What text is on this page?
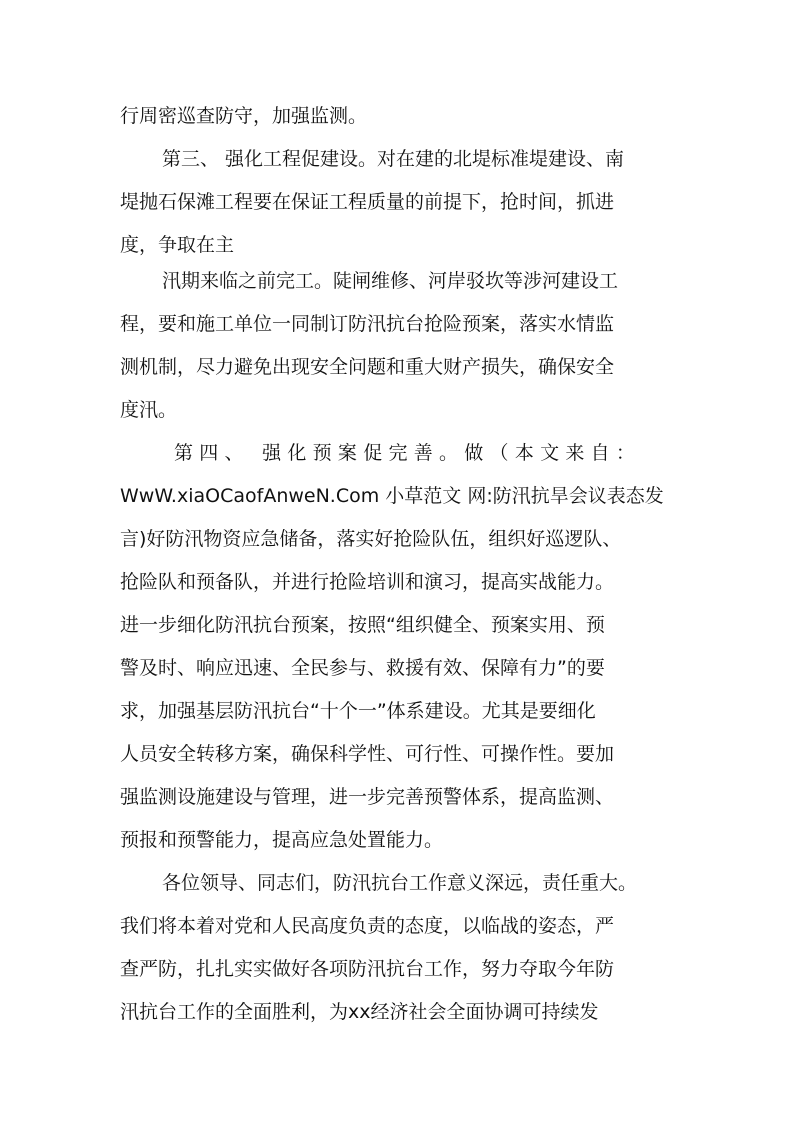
行周密巡查防守，加强监测。

第三、 强化工程促建设。对在建的北堤标准堤建设、南

堤抛石保滩工程要在保证工程质量的前提下，抢时间，抓进

度，争取在主

汛期来临之前完工。陡闸维修、河岸驳坎等涉河建设工

程，要和施工单位一同制订防汛抗台抢险预案，落实水情监

测机制，尽力避免出现安全问题和重大财产损失，确保安全

度汛。

第四、 强化预案促完善。做（本文来自：

WwW.xiaOCaofAnweN.Com 小草范文 网:防汛抗旱会议表态发

言)好防汛物资应急储备，落实好抢险队伍，组织好巡逻队、

抢险队和预备队，并进行抢险培训和演习，提高实战能力。

进一步细化防汛抗台预案，按照“组织健全、预案实用、预

警及时、响应迅速、全民参与、救援有效、保障有力”的要

求，加强基层防汛抗台“十个一”体系建设。尤其是要细化

人员安全转移方案，确保科学性、可行性、可操作性。要加

强监测设施建设与管理，进一步完善预警体系，提高监测、

预报和预警能力，提高应急处置能力。

各位领导、同志们，防汛抗台工作意义深远，责任重大。

我们将本着对党和人民高度负责的态度，以临战的姿态，严

查严防，扎扎实实做好各项防汛抗台工作，努力夺取今年防

汛抗台工作的全面胜利，为xx经济社会全面协调可持续发
